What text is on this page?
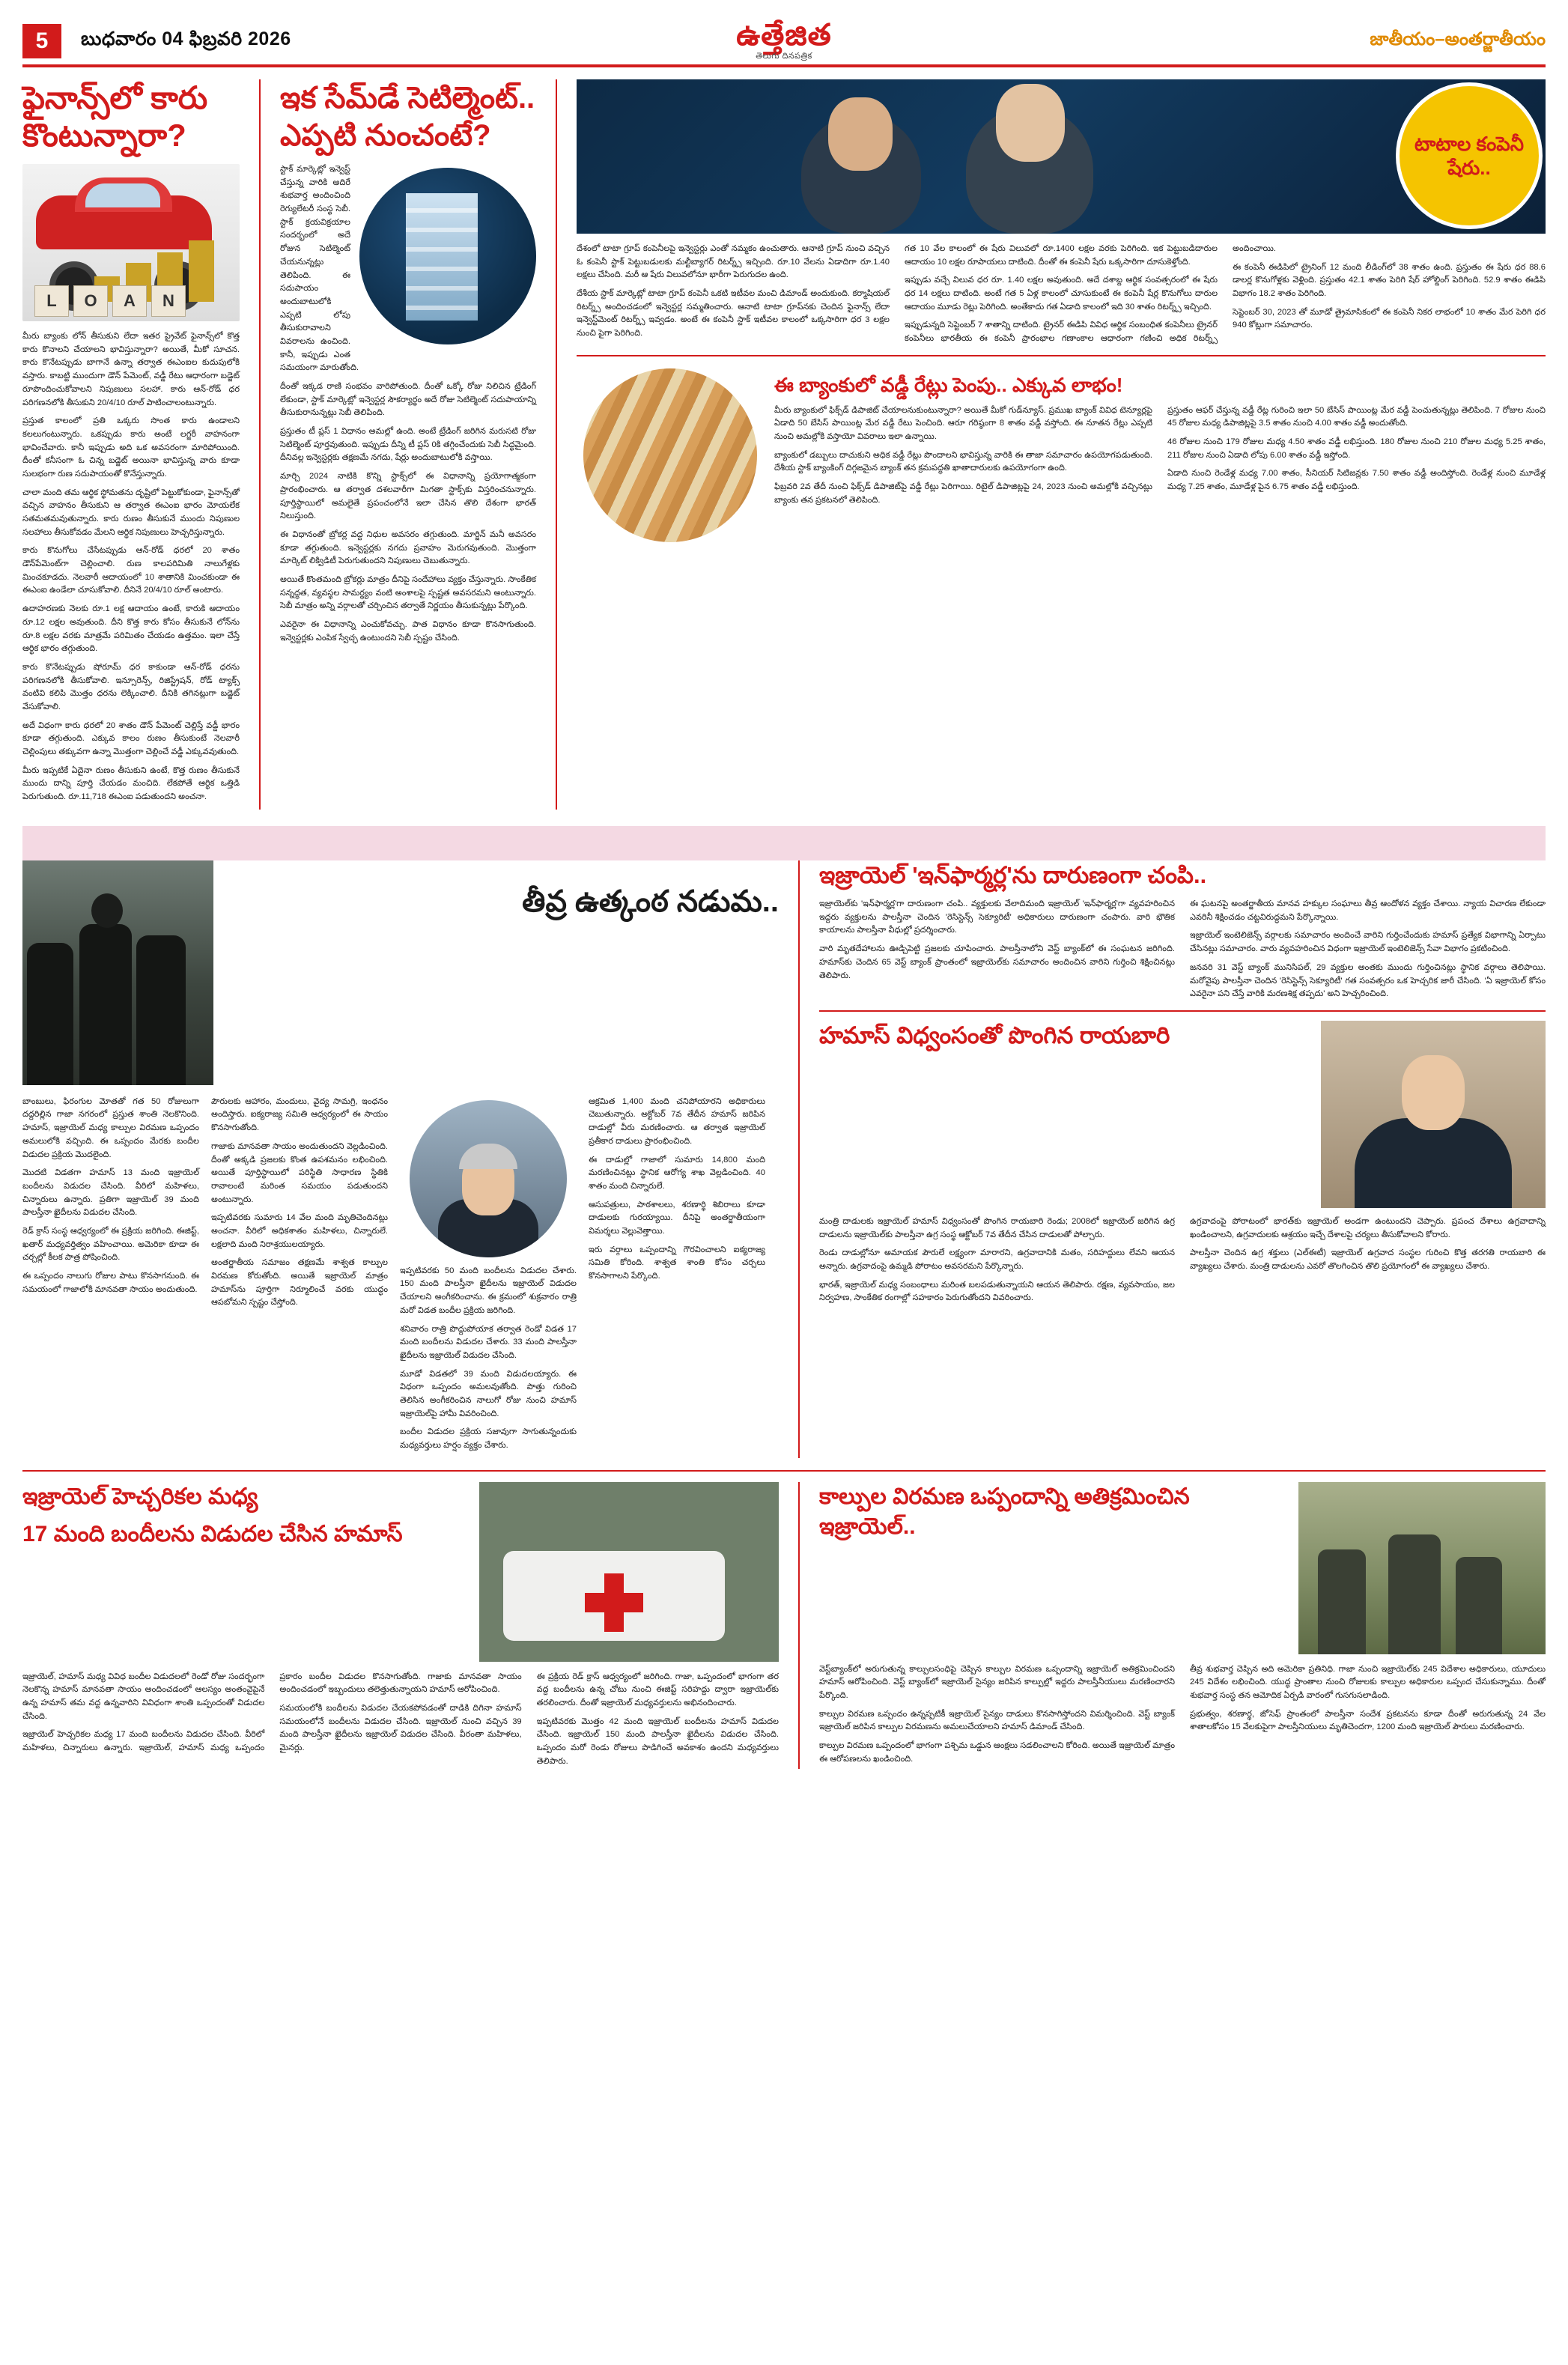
5	బుధవారం 04 ఫిబ్రవరి 2026	ఉత్తేజిత
తెలుగు దినపత్రిక
జాతీయం–అంతర్జాతీయం
ఫైనాన్స్‌లో కారు కొంటున్నారా?
L	O	A	N

మీరు బ్యాంకు లోన్ తీసుకుని లేదా ఇతర ప్రైవేట్ ఫైనాన్స్‌లో కొత్త కారు కొనాలని చేయాలని భావిస్తున్నారా? అయితే, మీకో సూచన. కారు కొనేటప్పుడు బాగానే ఉన్నా తర్వాత ఈఎంఐల కుదుపులోకి వస్తారు. కాబట్టి ముందుగా డౌన్ పేమెంట్, వడ్డీ రేటు ఆధారంగా బడ్జెట్ రూపొందించుకోవాలని నిపుణులు సలహా. కారు ఆన్-రోడ్ ధర పరిగణనలోకి తీసుకుని 20/4/10 రూల్ పాటించాలంటున్నారు.

ప్రస్తుత కాలంలో ప్రతి ఒక్కరు సొంత కారు ఉండాలని కలలుగంటున్నారు. ఒకప్పుడు కారు అంటే లగ్జరీ వాహనంగా భావించేవారు. కానీ ఇప్పుడు అది ఒక అవసరంగా మారిపోయింది. దీంతో కనీసంగా ఓ చిన్న బడ్జెట్ అయినా భావిస్తున్న వారు కూడా సులభంగా రుణ సదుపాయంతో కొనేస్తున్నారు.

చాలా మంది తమ ఆర్థిక స్థోమతను దృష్టిలో పెట్టుకోకుండా, ఫైనాన్స్‌తో వచ్చిన వాహనం తీసుకుని ఆ తర్వాత ఈఎంఐ భారం మోయలేక సతమతమవుతున్నారు. కారు రుణం తీసుకునే ముందు నిపుణుల సలహాలు తీసుకోవడం మేలని ఆర్థిక నిపుణులు హెచ్చరిస్తున్నారు.

కారు కొనుగోలు చేసేటప్పుడు ఆన్-రోడ్ ధరలో 20 శాతం డౌన్‌పేమెంట్‌గా చెల్లించాలి. రుణ కాలపరిమితి నాలుగేళ్లకు మించకూడదు. నెలవారీ ఆదాయంలో 10 శాతానికి మించకుండా ఈ ఈఎంఐ ఉండేలా చూసుకోవాలి. దీనినే 20/4/10 రూల్ అంటారు.

ఉదాహరణకు నెలకు రూ.1 లక్ష ఆదాయం ఉంటే, కారుకి ఆదాయం రూ.12 లక్షల అవుతుంది. దీని కొత్త కారు కోసం తీసుకునే లోన్‌ను రూ.8 లక్షల వరకు మాత్రమే పరిమితం చేయడం ఉత్తమం. ఇలా చేస్తే ఆర్థిక భారం తగ్గుతుంది.

కారు కొనేటప్పుడు షోరూమ్ ధర కాకుండా ఆన్-రోడ్ ధరను పరిగణనలోకి తీసుకోవాలి. ఇన్సూరెన్స్, రిజిస్ట్రేషన్, రోడ్ ట్యాక్స్ వంటివి కలిపి మొత్తం ధరను లెక్కించాలి. దీనికి తగినట్లుగా బడ్జెట్ వేసుకోవాలి.

అదే విధంగా కారు ధరలో 20 శాతం డౌన్ పేమెంట్ చెల్లిస్తే వడ్డీ భారం కూడా తగ్గుతుంది. ఎక్కువ కాలం రుణం తీసుకుంటే నెలవారీ చెల్లింపులు తక్కువగా ఉన్నా మొత్తంగా చెల్లించే వడ్డీ ఎక్కువవుతుంది.

మీరు ఇప్పటికే ఏదైనా రుణం తీసుకుని ఉంటే, కొత్త రుణం తీసుకునే ముందు దాన్ని పూర్తి చేయడం మంచిది. లేకపోతే ఆర్థిక ఒత్తిడి పెరుగుతుంది. రూ.11,718 ఈఎంఐ పడుతుందని అంచనా.

ఇక సేమ్‌డే సెటిల్మెంట్.. ఎప్పటి నుంచంటే?

స్టాక్ మార్కెట్లో ఇన్వెస్ట్ చేస్తున్న వారికి అదిరే శుభవార్త అందించింది రెగ్యులేటరీ సంస్థ సెబీ. స్టాక్ క్రయవిక్రయాల సందర్భంలో అదే రోజున సెటిల్మెంట్ చేయనున్నట్లు తెలిపింది. ఈ సదుపాయం అందుబాటులోకి ఎప్పటి లోపు తీసుకురావాలని వివరాలను ఉంచింది. కానీ, ఇప్పుడు ఎంత సమయంగా మారుతోంది.

దీంతో ఇక్కడ రాణి సంభవం వారిపోతుంది. దీంతో ఒక్కో రోజు నిలిచిన ట్రేడింగ్ లేకుండా, స్టాక్ మార్కెట్లో ఇన్వెస్టర్ల సౌకర్యార్థం అదే రోజు సెటిల్మెంట్ సదుపాయాన్ని తీసుకురానున్నట్లు సెబీ తెలిపింది.

ప్రస్తుతం టీ ప్లస్ 1 విధానం అమల్లో ఉంది. అంటే ట్రేడింగ్ జరిగిన మరుసటి రోజు సెటిల్మెంట్ పూర్తవుతుంది. ఇప్పుడు దీన్ని టీ ప్లస్ 0కి తగ్గించేందుకు సెబీ సిద్ధమైంది. దీనివల్ల ఇన్వెస్టర్లకు తక్షణమే నగదు, షేర్లు అందుబాటులోకి వస్తాయి.

మార్చి 2024 నాటికి కొన్ని స్టాక్స్‌లో ఈ విధానాన్ని ప్రయోగాత్మకంగా ప్రారంభించారు. ఆ తర్వాత దశలవారీగా మిగతా స్టాక్స్‌కు విస్తరించనున్నారు. పూర్తిస్థాయిలో అమలైతే ప్రపంచంలోనే ఇలా చేసిన తొలి దేశంగా భారత్ నిలుస్తుంది.

ఈ విధానంతో బ్రోకర్ల వద్ద నిధుల అవసరం తగ్గుతుంది. మార్జిన్ మనీ అవసరం కూడా తగ్గుతుంది. ఇన్వెస్టర్లకు నగదు ప్రవాహం మెరుగవుతుంది. మొత్తంగా మార్కెట్ లిక్విడిటీ పెరుగుతుందని నిపుణులు చెబుతున్నారు.

అయితే కొంతమంది బ్రోకర్లు మాత్రం దీనిపై సందేహాలు వ్యక్తం చేస్తున్నారు. సాంకేతిక సన్నద్ధత, వ్యవస్థల సామర్థ్యం వంటి అంశాలపై స్పష్టత అవసరమని అంటున్నారు. సెబీ మాత్రం అన్ని వర్గాలతో చర్చించిన తర్వాతే నిర్ణయం తీసుకున్నట్లు పేర్కొంది.

ఎవరైనా ఈ విధానాన్ని ఎంచుకోవచ్చు. పాత విధానం కూడా కొనసాగుతుంది. ఇన్వెస్టర్లకు ఎంపిక స్వేచ్ఛ ఉంటుందని సెబీ స్పష్టం చేసింది.

టాటాల కంపెనీ షేరు..

దేశంలో టాటా గ్రూప్ కంపెనీలపై ఇన్వెస్టర్లు ఎంతో నమ్మకం ఉంచుతారు. ఆనాటి గ్రూప్ నుంచి వచ్చిన ఓ కంపెనీ స్టాక్ పెట్టుబడులకు మల్టీబ్యాగర్ రిటర్న్స్ ఇచ్చింది. రూ.10 వేలను ఏడాదిగా రూ.1.40 లక్షలు చేసింది. మరీ ఆ షేరు విలువలోనూ భారీగా పెరుగుదల ఉంది.

దేశీయ స్టాక్ మార్కెట్లో టాటా గ్రూప్ కంపెనీ ఒకటి ఇటీవల మంచి డిమాండ్ అందుకుంది. కర్మాషియల్ రిటర్న్స్ అందించడంలో ఇన్వెస్టర్ల సమ్మతించారు. ఆనాటి టాటా గ్రూప్‌నకు చెందిన ఫైనాన్స్ లేదా ఇన్వెస్ట్‌మెంట్ రిటర్న్స్ ఇవ్వడం. అంటే ఈ కంపెనీ స్టాక్ ఇటీవల కాలంలో ఒక్కసారిగా ధర 3 లక్షల నుంచి పైగా పెరిగింది.

గత 10 వేల కాలంలో ఈ షేరు విలువలో రూ.1400 లక్షల వరకు పెరిగింది. ఇక పెట్టుబడిదారుల ఆదాయం 10 లక్షల రూపాయలు దాటింది. దీంతో ఈ కంపెనీ షేరు ఒక్కసారిగా దూసుకెళ్తోంది.

ఇప్పుడు వచ్చే విలువ ధర రూ. 1.40 లక్షల అవుతుంది. అదే దశాబ్ద ఆర్థిక సంవత్సరంలో ఈ షేరు ధర 14 లక్షలు దాటింది. అంటే గత 5 ఏళ్ల కాలంలో చూసుకుంటే ఈ కంపెనీ షేర్ల కొనుగోలు దారుల ఆదాయం మూడు రెట్లు పెరిగింది. అంతేకాదు గత ఏడాది కాలంలో ఇది 30 శాతం రిటర్న్స్ ఇచ్చింది.

ఇప్పుడున్నది సెప్టెంబర్ 7 శాతాన్ని దాటింది. ట్రైనర్ ఈడిపి వివిధ ఆర్థిక సంబంధిత కంపెనీలు ట్రైనర్ కంపెనీలు భారతీయ ఈ కంపెనీ ప్రారంభాల గణాంకాల ఆధారంగా గణించి అధిక రిటర్న్స్ అందించాయి.

ఈ కంపెనీ ఈడిపిలో ట్రైనింగ్ 12 మంది లీడింగ్‌లో 38 శాతం ఉంది. ప్రస్తుతం ఈ షేరు ధర 88.6 డాలర్ల కొనుగోళ్లకు వెళ్లింది. ప్రస్తుతం 42.1 శాతం పెరిగి షేర్ హోల్డింగ్ పెరిగింది. 52.9 శాతం ఈడిపి విభాగం 18.2 శాతం పెరిగింది.

సెప్టెంబర్ 30, 2023 తో మూడో త్రైమాసికంలో ఈ కంపెనీ నికర లాభంలో 10 శాతం మేర పెరిగి ధర 940 కోట్లుగా సమాచారం.

ఈ బ్యాంకులో వడ్డీ రేట్లు పెంపు.. ఎక్కువ లాభం!

మీరు బ్యాంకులో ఫిక్స్‌డ్ డిపాజిట్ చేయాలనుకుంటున్నారా? అయితే మీకో గుడ్‌న్యూస్. ప్రముఖ బ్యాంక్ వివిధ టెన్యూర్లపై ఏడాది 50 బేసిస్ పాయింట్ల మేర వడ్డీ రేటు పెంచింది. ఆరూ గరిష్ఠంగా 8 శాతం వడ్డీ వస్తోంది. ఈ నూతన రేట్లు ఎప్పటి నుంచి అమల్లోకి వస్తాయో వివరాలు ఇలా ఉన్నాయి.

బ్యాంకులో డబ్బులు దాచుకుని అధిక వడ్డీ రేట్లు పొందాలని భావిస్తున్న వారికి ఈ తాజా సమాచారం ఉపయోగపడుతుంది. దేశీయ స్టాక్ బ్యాంకింగ్ దిగ్గజమైన బ్యాంక్ తన క్రమపద్ధతి ఖాతాదారులకు ఉపయోగంగా ఉంది.

ఫిబ్రవరి 2వ తేదీ నుంచి ఫిక్స్‌డ్ డిపాజిట్‌పై వడ్డీ రేట్లు పెరిగాయి. రిటైల్ డిపాజిట్లపై 24, 2023 నుంచి అమల్లోకి వచ్చినట్లు బ్యాంకు తన ప్రకటనలో తెలిపింది.

ప్రస్తుతం ఆఫర్ చేస్తున్న వడ్డీ రేట్ల గురించి ఇలా 50 బేసిస్ పాయింట్ల మేర వడ్డీ పెంచుతున్నట్లు తెలిపింది. 7 రోజుల నుంచి 45 రోజుల మధ్య డిపాజిట్లపై 3.5 శాతం నుంచి 4.00 శాతం వడ్డీ అందుతోంది.

46 రోజుల నుంచి 179 రోజుల మధ్య 4.50 శాతం వడ్డీ లభిస్తుంది. 180 రోజుల నుంచి 210 రోజుల మధ్య 5.25 శాతం, 211 రోజుల నుంచి ఏడాది లోపు 6.00 శాతం వడ్డీ ఇస్తోంది.

ఏడాది నుంచి రెండేళ్ల మధ్య 7.00 శాతం, సీనియర్ సిటిజన్లకు 7.50 శాతం వడ్డీ అందిస్తోంది. రెండేళ్ల నుంచి మూడేళ్ల మధ్య 7.25 శాతం, మూడేళ్ల పైన 6.75 శాతం వడ్డీ లభిస్తుంది.

తీవ్ర ఉత్కంఠ నడుమ..

బాంబులు, ఫిరంగుల మోతతో గత 50 రోజులుగా దద్దరిల్లిన గాజా నగరంలో ప్రస్తుత శాంతి నెలకొనింది. హమాస్, ఇజ్రాయెల్ మధ్య కాల్పుల విరమణ ఒప్పందం అమలులోకి వచ్చింది. ఈ ఒప్పందం మేరకు బందీల విడుదల ప్రక్రియ మొదలైంది.

మొదటి విడతగా హమాస్ 13 మంది ఇజ్రాయెల్ బందీలను విడుదల చేసింది. వీరిలో మహిళలు, చిన్నారులు ఉన్నారు. ప్రతిగా ఇజ్రాయెల్ 39 మంది పాలస్తీనా ఖైదీలను విడుదల చేసింది.

రెడ్ క్రాస్ సంస్థ ఆధ్వర్యంలో ఈ ప్రక్రియ జరిగింది. ఈజిప్ట్, ఖతార్ మధ్యవర్తిత్వం వహించాయి. అమెరికా కూడా ఈ చర్చల్లో కీలక పాత్ర పోషించింది.

ఈ ఒప్పందం నాలుగు రోజుల పాటు కొనసాగనుంది. ఈ సమయంలో గాజాలోకి మానవతా సాయం అందుతుంది.

పౌరులకు ఆహారం, మందులు, వైద్య సామగ్రి, ఇంధనం అందిస్తారు. ఐక్యరాజ్య సమితి ఆధ్వర్యంలో ఈ సాయం కొనసాగుతోంది.

గాజాకు మానవతా సాయం అందుతుందని వెల్లడించింది. దీంతో అక్కడి ప్రజలకు కొంత ఉపశమనం లభించింది. అయితే పూర్తిస్థాయిలో పరిస్థితి సాధారణ స్థితికి రావాలంటే మరింత సమయం పడుతుందని అంటున్నారు.

ఇప్పటివరకు సుమారు 14 వేల మంది మృతిచెందినట్లు అంచనా. వీరిలో అధికశాతం మహిళలు, చిన్నారులే. లక్షలాది మంది నిరాశ్రయులయ్యారు.

అంతర్జాతీయ సమాజం తక్షణమే శాశ్వత కాల్పుల విరమణ కోరుతోంది. అయితే ఇజ్రాయెల్ మాత్రం హమాస్‌ను పూర్తిగా నిర్మూలించే వరకు యుద్ధం ఆపబోమని స్పష్టం చేస్తోంది.

ఇప్పటివరకు 50 మంది బందీలను విడుదల చేశారు. 150 మంది పాలస్తీనా ఖైదీలను ఇజ్రాయెల్ విడుదల చేయాలని అంగీకరించాను. ఈ క్రమంలో శుక్రవారం రాత్రి మరో విడత బందీల ప్రక్రియ జరిగింది.

శనివారం రాత్రి పొద్దుపోయాక తర్వాత రెండో విడత 17 మంది బందీలను విడుదల చేశారు. 33 మంది పాలస్తీనా ఖైదీలను ఇజ్రాయెల్ విడుదల చేసింది.

మూడో విడతలో 39 మంది విడుదలయ్యారు. ఈ విధంగా ఒప్పందం అమలవుతోంది. పొత్తు గురించి తెలిసిన అంగీకరించిన నాలుగో రోజు నుంచి హమాస్ ఇజ్రాయెల్‌పై హామీ వివరించింది.

బందీల విడుదల ప్రక్రియ సజావుగా సాగుతున్నందుకు మధ్యవర్తులు హర్షం వ్యక్తం చేశారు.

ఆక్రమిత 1,400 మంది చనిపోయారని అధికారులు చెబుతున్నారు. అక్టోబర్ 7వ తేదీన హమాస్ జరిపిన దాడుల్లో వీరు మరణించారు. ఆ తర్వాత ఇజ్రాయెల్ ప్రతీకార దాడులు ప్రారంభించింది.

ఈ దాడుల్లో గాజాలో సుమారు 14,800 మంది మరణించినట్లు స్థానిక ఆరోగ్య శాఖ వెల్లడించింది. 40 శాతం మంది చిన్నారులే.

ఆసుపత్రులు, పాఠశాలలు, శరణార్థి శిబిరాలు కూడా దాడులకు గురయ్యాయి. దీనిపై అంతర్జాతీయంగా విమర్శలు వెల్లువెత్తాయి.

ఇరు వర్గాలు ఒప్పందాన్ని గౌరవించాలని ఐక్యరాజ్య సమితి కోరింది. శాశ్వత శాంతి కోసం చర్చలు కొనసాగాలని పేర్కొంది.

ఇజ్రాయెల్ 'ఇన్‌ఫార్మర్ల'ను దారుణంగా చంపి..

ఇజ్రాయెల్‌కు 'ఇన్‌ఫార్మర్ల'గా దారుణంగా చంపి.. వ్యక్తులకు వేలాదిమంది ఇజ్రాయెల్ 'ఇన్‌ఫార్మర్ల'గా వ్యవహరించిన ఇద్దరు వ్యక్తులను పాలస్తీనా చెందిన 'రెసిస్టెన్స్ సెక్యూరిటీ' అధికారులు దారుణంగా చంపారు. వారి భౌతిక కాయాలను పాలస్తీనా వీధుల్లో ప్రదర్శించారు.

వారి మృతదేహాలను ఊడ్చిపెట్టి ప్రజలకు చూపించారు. పాలస్తీనాలోని వెస్ట్ బ్యాంక్‌లో ఈ సంఘటన జరిగింది. హమాస్‌కు చెందిన 65 వెస్ట్ బ్యాంక్ ప్రాంతంలో ఇజ్రాయెల్‌కు సమాచారం అందించిన వారిని గుర్తించి శిక్షించినట్లు తెలిపారు.

ఈ ఘటనపై అంతర్జాతీయ మానవ హక్కుల సంఘాలు తీవ్ర ఆందోళన వ్యక్తం చేశాయి. న్యాయ విచారణ లేకుండా ఎవరినీ శిక్షించడం చట్టవిరుద్ధమని పేర్కొన్నాయి.

ఇజ్రాయెల్ ఇంటెలిజెన్స్ వర్గాలకు సమాచారం అందించే వారిని గుర్తించేందుకు హమాస్ ప్రత్యేక విభాగాన్ని ఏర్పాటు చేసినట్లు సమాచారం. వారు వ్యవహరించిన విధంగా ఇజ్రాయెల్ ఇంటెలిజెన్స్ సేవా విభాగం ప్రకటించింది.

జనవరి 31 వెస్ట్ బ్యాంక్ మునిసిపల్, 29 వ్యక్తుల అంతకు ముందు గుర్తించినట్లు స్థానిక వర్గాలు తెలిపాయి. మరోవైపు పాలస్తీనా చెందిన 'రెసిస్టెన్స్ సెక్యూరిటీ' గత సంవత్సరం ఒక హెచ్చరిక జారీ చేసింది. 'ఏ ఇజ్రాయెల్ కోసం ఎవరైనా పని చేస్తే వారికి మరణశిక్ష తప్పదు' అని హెచ్చరించింది.

హమాస్ విధ్వంసంతో పొంగిన రాయబారి

మంత్రి దాడులకు ఇజ్రాయెల్ హమాస్ విధ్వంసంతో పొంగిన రాయబారి రెండు; 2008లో ఇజ్రాయెల్ జరిగిన ఉగ్ర దాడులను ఇజ్రాయెల్‌కు పాలస్తీనా ఉగ్ర సంస్థ ఆక్టోబర్ 7వ తేదీన చేసిన దాడులతో పోల్చారు.

రెండు దాడుల్లోనూ అమాయక పౌరులే లక్ష్యంగా మారారని, ఉగ్రవాదానికి మతం, సరిహద్దులు లేవని ఆయన అన్నారు. ఉగ్రవాదంపై ఉమ్మడి పోరాటం అవసరమని పేర్కొన్నారు.

భారత్, ఇజ్రాయెల్ మధ్య సంబంధాలు మరింత బలపడుతున్నాయని ఆయన తెలిపారు. రక్షణ, వ్యవసాయం, జల నిర్వహణ, సాంకేతిక రంగాల్లో సహకారం పెరుగుతోందని వివరించారు.

ఉగ్రవాదంపై పోరాటంలో భారత్‌కు ఇజ్రాయెల్ అండగా ఉంటుందని చెప్పారు. ప్రపంచ దేశాలు ఉగ్రవాదాన్ని ఖండించాలని, ఉగ్రవాదులకు ఆశ్రయం ఇచ్చే దేశాలపై చర్యలు తీసుకోవాలని కోరారు.

పాలస్తీనా చెందిన ఉగ్ర శక్తులు (ఎల్ఈటీ) ఇజ్రాయెల్ ఉగ్రవాద సంస్థల గురించి కొత్త తరగతి రాయబారి ఈ వ్యాఖ్యలు చేశారు. మంత్రి దాడులను ఎవరో తొలగించిన తొలి ప్రయోగంలో ఈ వ్యాఖ్యలు చేశారు.

ఇజ్రాయెల్ హెచ్చరికల మధ్య
17 మంది బందీలను విడుదల చేసిన హమాస్

ఇజ్రాయెల్, హమాస్ మధ్య వివిధ బందీల విడుదలలో రెండో రోజు సందర్భంగా నెలకొన్న హమాస్ మానవతా సాయం అందించడంలో ఆలస్యం అంతంవైపైనే ఉన్న హమాస్ తమ వద్ద ఉన్నవారిని వివిధంగా శాంతి ఒప్పందంతో విడుదల చేసింది.

ఇజ్రాయెల్ హెచ్చరికల మధ్య 17 మంది బందీలను విడుదల చేసింది. వీరిలో మహిళలు, చిన్నారులు ఉన్నారు. ఇజ్రాయెల్, హమాస్ మధ్య ఒప్పందం ప్రకారం బందీల విడుదల కొనసాగుతోంది. గాజాకు మానవతా సాయం అందించడంలో ఇబ్బందులు తలెత్తుతున్నాయని హమాస్ ఆరోపించింది.

సమయంలోకి బందీలను విడుదల చేయకపోవడంతో దాడికి దిగినా హమాస్ సమయంలోనే బందీలను విడుదల చేసింది. ఇజ్రాయెల్ నుంచి వచ్చిన 39 మంది పాలస్తీనా ఖైదీలను ఇజ్రాయెల్ విడుదల చేసింది. వీరంతా మహిళలు, మైనర్లు.

ఈ ప్రక్రియ రెడ్ క్రాస్ ఆధ్వర్యంలో జరిగింది. గాజా, ఒప్పందంలో భాగంగా తర వద్ద బందీలను ఉన్న చోటు నుంచి ఈజిప్ట్ సరిహద్దు ద్వారా ఇజ్రాయెల్‌కు తరలించారు. దీంతో ఇజ్రాయెల్ మధ్యవర్తులను అభినందించారు.

ఇప్పటివరకు మొత్తం 42 మంది ఇజ్రాయెల్ బందీలను హమాస్ విడుదల చేసింది. ఇజ్రాయెల్ 150 మంది పాలస్తీనా ఖైదీలను విడుదల చేసింది. ఒప్పందం మరో రెండు రోజులు పొడిగించే అవకాశం ఉందని మధ్యవర్తులు తెలిపారు.

కాల్పుల విరమణ ఒప్పందాన్ని అతిక్రమించిన ఇజ్రాయెల్..

వెస్ట్‌బ్యాంక్‌లో అరుగుతున్న కాల్పులసంధిపై చెప్పిన కాల్పుల విరమణ ఒప్పందాన్ని ఇజ్రాయెల్ అతిక్రమించిందని హమాస్ ఆరోపించింది. వెస్ట్ బ్యాంక్‌లో ఇజ్రాయెల్ సైన్యం జరిపిన కాల్పుల్లో ఇద్దరు పాలస్తీనీయులు మరణించారని పేర్కొంది.

కాల్పుల విరమణ ఒప్పందం ఉన్నప్పటికీ ఇజ్రాయెల్ సైన్యం దాడులు కొనసాగిస్తోందని విమర్శించింది. వెస్ట్ బ్యాంక్ ఇజ్రాయెల్ జరిపిన కాల్పుల విరమణను అమలుచేయాలని హమాస్ డిమాండ్ చేసింది.

కాల్పుల విరమణ ఒప్పందంలో భాగంగా పశ్చిమ ఒడ్డున ఆంక్షలు సడలించాలని కోరింది. అయితే ఇజ్రాయెల్ మాత్రం ఈ ఆరోపణలను ఖండించింది.

తీవ్ర శుభవార్త చెప్పిన అది అమెరికా ప్రతినిధి. గాజా నుంచి ఇజ్రాయెల్‌కు 245 విదేశాల అధికారులు, యూదులు 245 విదేశం లభించింది. యుద్ధ ప్రాంతాల నుంచి రోజులకు కాల్పుల అధికారుల ఒప్పంద చేసుకున్నాము. దీంతో శుభవార్త సంస్థ తన ఆమోదిక ఏర్పడి వారంలో గుసగుసలాడింది.

ప్రభుత్వం, శరణార్థ, జోసెఫ్ ప్రాంతంలో పాలస్తీనా సందేశ ప్రకటనను కూడా దీంతో అరుగుతున్న 24 వేల శాతాలకోసం 15 వేలకుపైగా పాలస్తీనియులు మృతిచెందగా, 1200 మంది ఇజ్రాయెల్ పౌరులు మరణించారు.
